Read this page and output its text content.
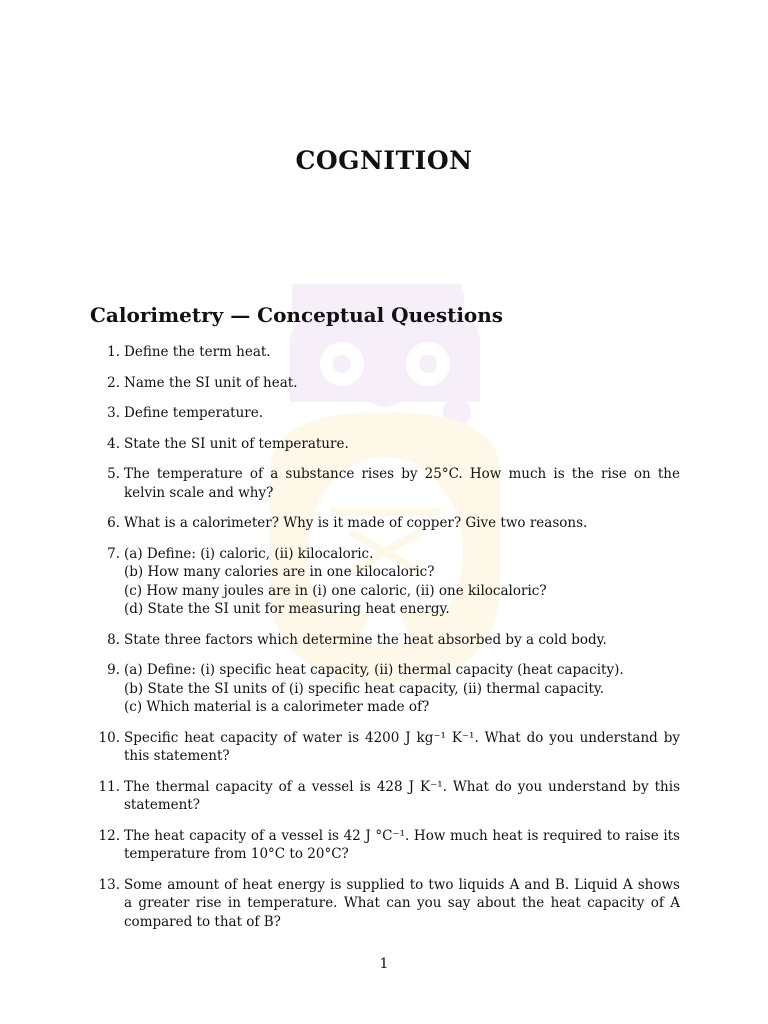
COGNITION
Calorimetry — Conceptual Questions
1. Define the term heat.
2. Name the SI unit of heat.
3. Define temperature.
4. State the SI unit of temperature.
5. The temperature of a substance rises by 25°C. How much is the rise on the kelvin scale and why?
6. What is a calorimeter? Why is it made of copper? Give two reasons.
7. (a) Define: (i) caloric, (ii) kilocaloric.
(b) How many calories are in one kilocaloric?
(c) How many joules are in (i) one caloric, (ii) one kilocaloric?
(d) State the SI unit for measuring heat energy.
8. State three factors which determine the heat absorbed by a cold body.
9. (a) Define: (i) specific heat capacity, (ii) thermal capacity (heat capacity).
(b) State the SI units of (i) specific heat capacity, (ii) thermal capacity.
(c) Which material is a calorimeter made of?
10. Specific heat capacity of water is 4200 J kg⁻¹ K⁻¹. What do you understand by this statement?
11. The thermal capacity of a vessel is 428 J K⁻¹. What do you understand by this statement?
12. The heat capacity of a vessel is 42 J °C⁻¹. How much heat is required to raise its temperature from 10°C to 20°C?
13. Some amount of heat energy is supplied to two liquids A and B. Liquid A shows a greater rise in temperature. What can you say about the heat capacity of A compared to that of B?
1
